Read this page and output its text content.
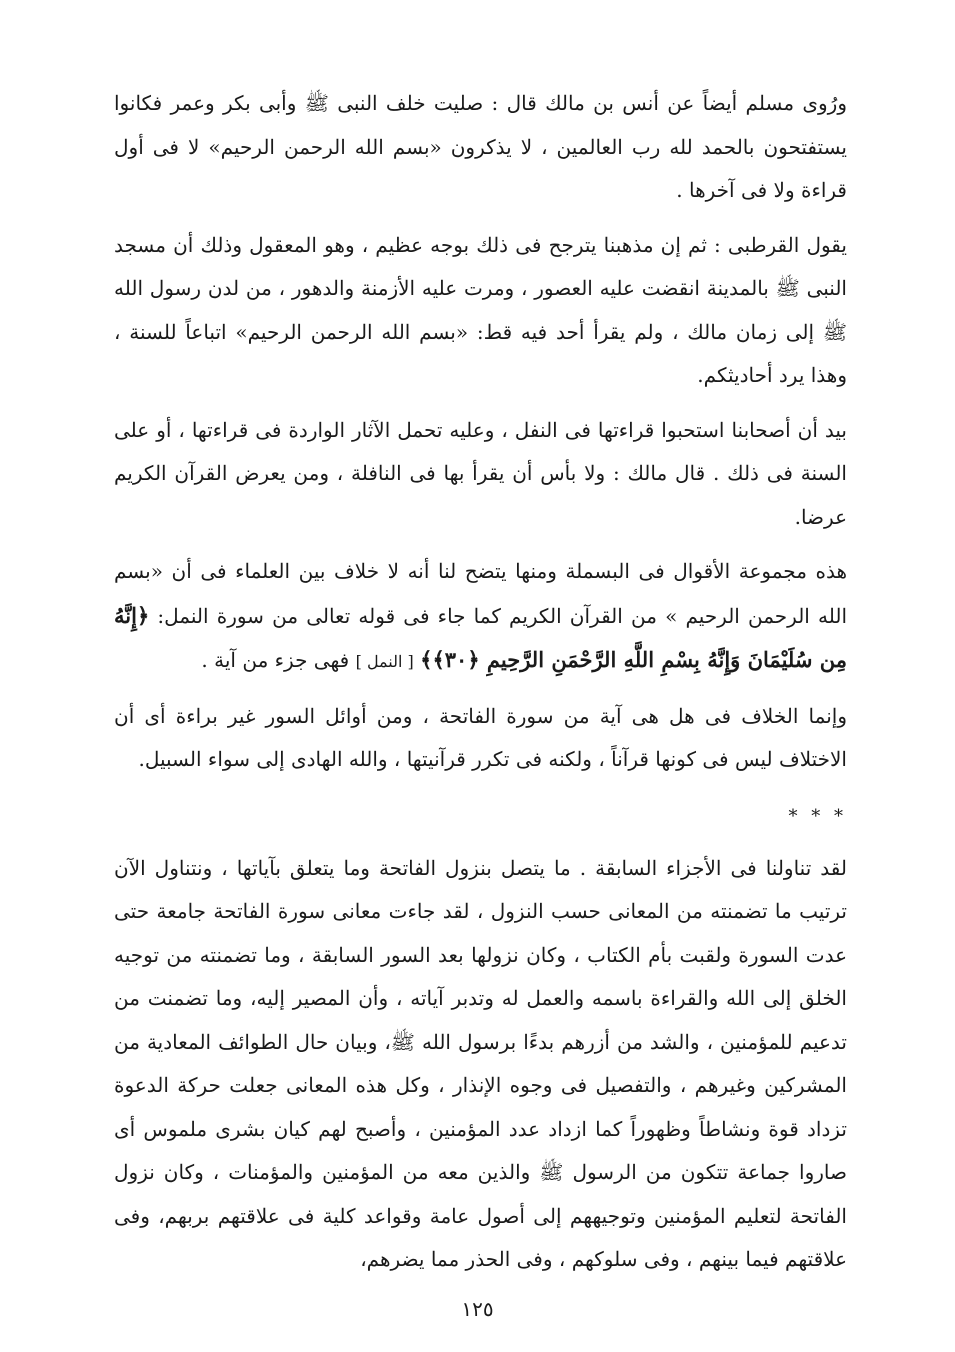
ورُوى مسلم أيضاً عن أنس بن مالك قال : صليت خلف النبى ﷺ وأبى بكر وعمر فكانوا يستفتحون بالحمد لله رب العالمين ، لا يذكرون «بسم الله الرحمن الرحيم» لا فى أول قراءة ولا فى آخرها .

يقول القرطبى : ثم إن مذهبنا يترجح فى ذلك بوجه عظيم ، وهو المعقول وذلك أن مسجد النبى ﷺ بالمدينة انقضت عليه العصور ، ومرت عليه الأزمنة والدهور ، من لدن رسول الله ﷺ إلى زمان مالك ، ولم يقرأ أحد فيه قط: «بسم الله الرحمن الرحيم» اتباعاً للسنة ، وهذا يرد أحاديثكم.

بيد أن أصحابنا استحبوا قراءتها فى النفل ، وعليه تحمل الآثار الواردة فى قراءتها ، أو على السنة فى ذلك . قال مالك : ولا بأس أن يقرأ بها فى النافلة ، ومن يعرض القرآن الكريم عرضا.

هذه مجموعة الأقوال فى البسملة ومنها يتضح لنا أنه لا خلاف بين العلماء فى أن «بسم الله الرحمن الرحيم » من القرآن الكريم كما جاء فى قوله تعالى من سورة النمل: ﴿إِنَّهُ مِن سُلَيْمَانَ وَإِنَّهُ بِسْمِ اللَّهِ الرَّحْمَنِ الرَّحِيمِ ﴿٣٠﴾﴾ [ النمل ] فهى جزء من آية .

وإنما الخلاف فى هل هى آية من سورة الفاتحة ، ومن أوائل السور غير براءة أى أن الاختلاف ليس فى كونها قرآناً ، ولكنه فى تكرر قرآنيتها ، والله الهادى إلى سواء السبيل.

* * *

لقد تناولنا فى الأجزاء السابقة . ما يتصل بنزول الفاتحة وما يتعلق بآياتها ، ونتناول الآن ترتيب ما تضمنته من المعانى حسب النزول ، لقد جاءت معانى سورة الفاتحة جامعة حتى عدت السورة ولقبت بأم الكتاب ، وكان نزولها بعد السور السابقة ، وما تضمنته من توجيه الخلق إلى الله والقراءة باسمه والعمل له وتدبر آياته ، وأن المصير إليه، وما تضمنت من تدعيم للمؤمنين ، والشد من أزرهم بدءًا برسول الله ﷺ، وبيان حال الطوائف المعادية من المشركين وغيرهم ، والتفصيل فى وجوه الإنذار ، وكل هذه المعانى جعلت حركة الدعوة تزداد قوة ونشاطاً وظهوراً كما ازداد عدد المؤمنين ، وأصبح لهم كيان بشرى ملموس أى صاروا جماعة تتكون من الرسول ﷺ والذين معه من المؤمنين والمؤمنات ، وكان نزول الفاتحة لتعليم المؤمنين وتوجيههم إلى أصول عامة وقواعد كلية فى علاقتهم بربهم، وفى علاقتهم فيما بينهم ، وفى سلوكهم ، وفى الحذر مما يضرهم،

١٢٥
